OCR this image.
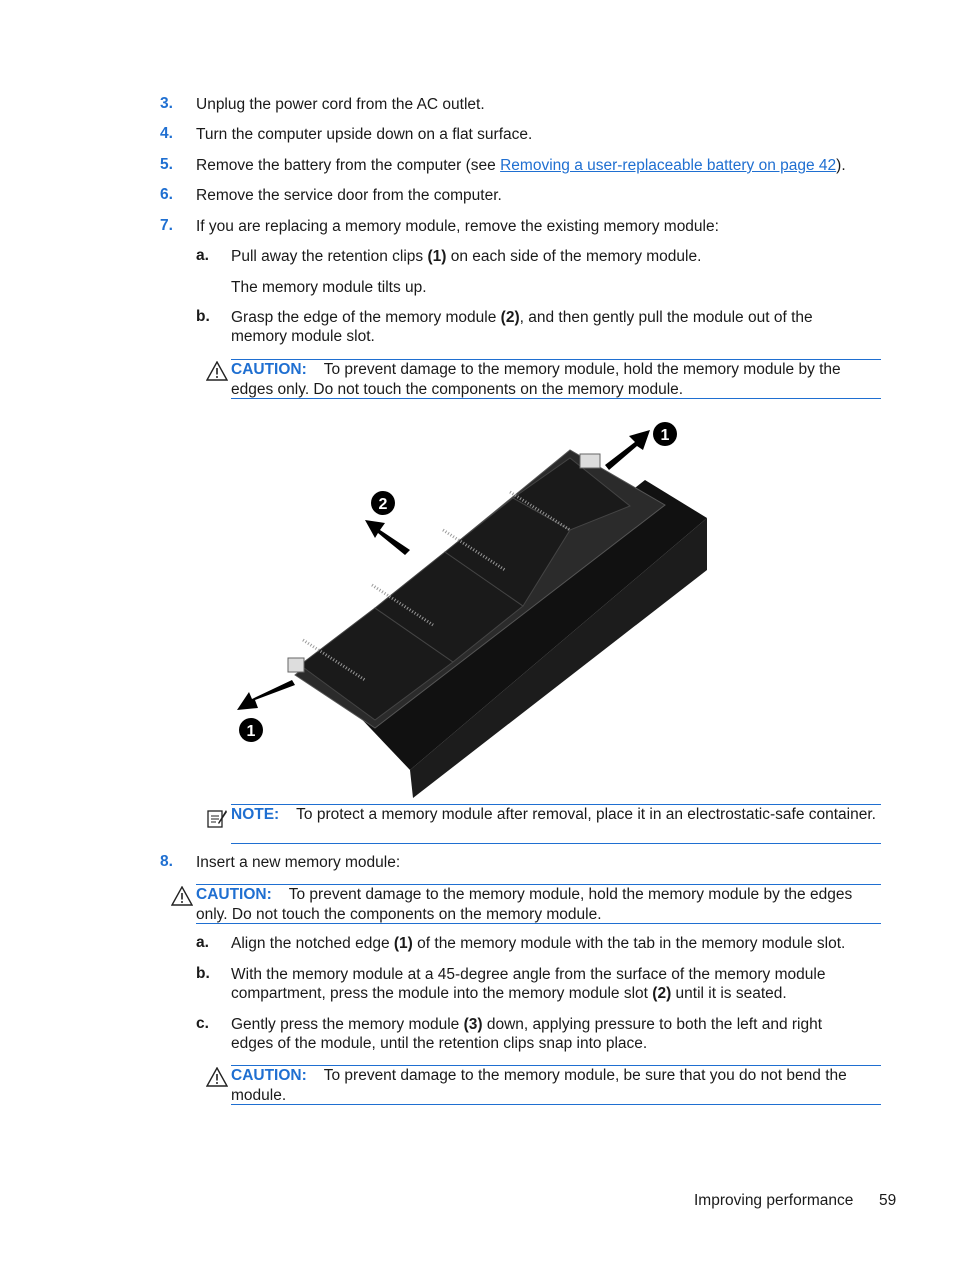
3. Unplug the power cord from the AC outlet.
4. Turn the computer upside down on a flat surface.
5. Remove the battery from the computer (see Removing a user-replaceable battery on page 42).
6. Remove the service door from the computer.
7. If you are replacing a memory module, remove the existing memory module:
a. Pull away the retention clips (1) on each side of the memory module.
The memory module tilts up.
b. Grasp the edge of the memory module (2), and then gently pull the module out of the memory module slot.

CAUTION: To prevent damage to the memory module, hold the memory module by the edges only. Do not touch the components on the memory module.

1
2
1

NOTE: To protect a memory module after removal, place it in an electrostatic-safe container.

8. Insert a new memory module:

CAUTION: To prevent damage to the memory module, hold the memory module by the edges only. Do not touch the components on the memory module.

a. Align the notched edge (1) of the memory module with the tab in the memory module slot.
b. With the memory module at a 45-degree angle from the surface of the memory module compartment, press the module into the memory module slot (2) until it is seated.
c. Gently press the memory module (3) down, applying pressure to both the left and right edges of the module, until the retention clips snap into place.

CAUTION: To prevent damage to the memory module, be sure that you do not bend the module.

Improving performance 59
